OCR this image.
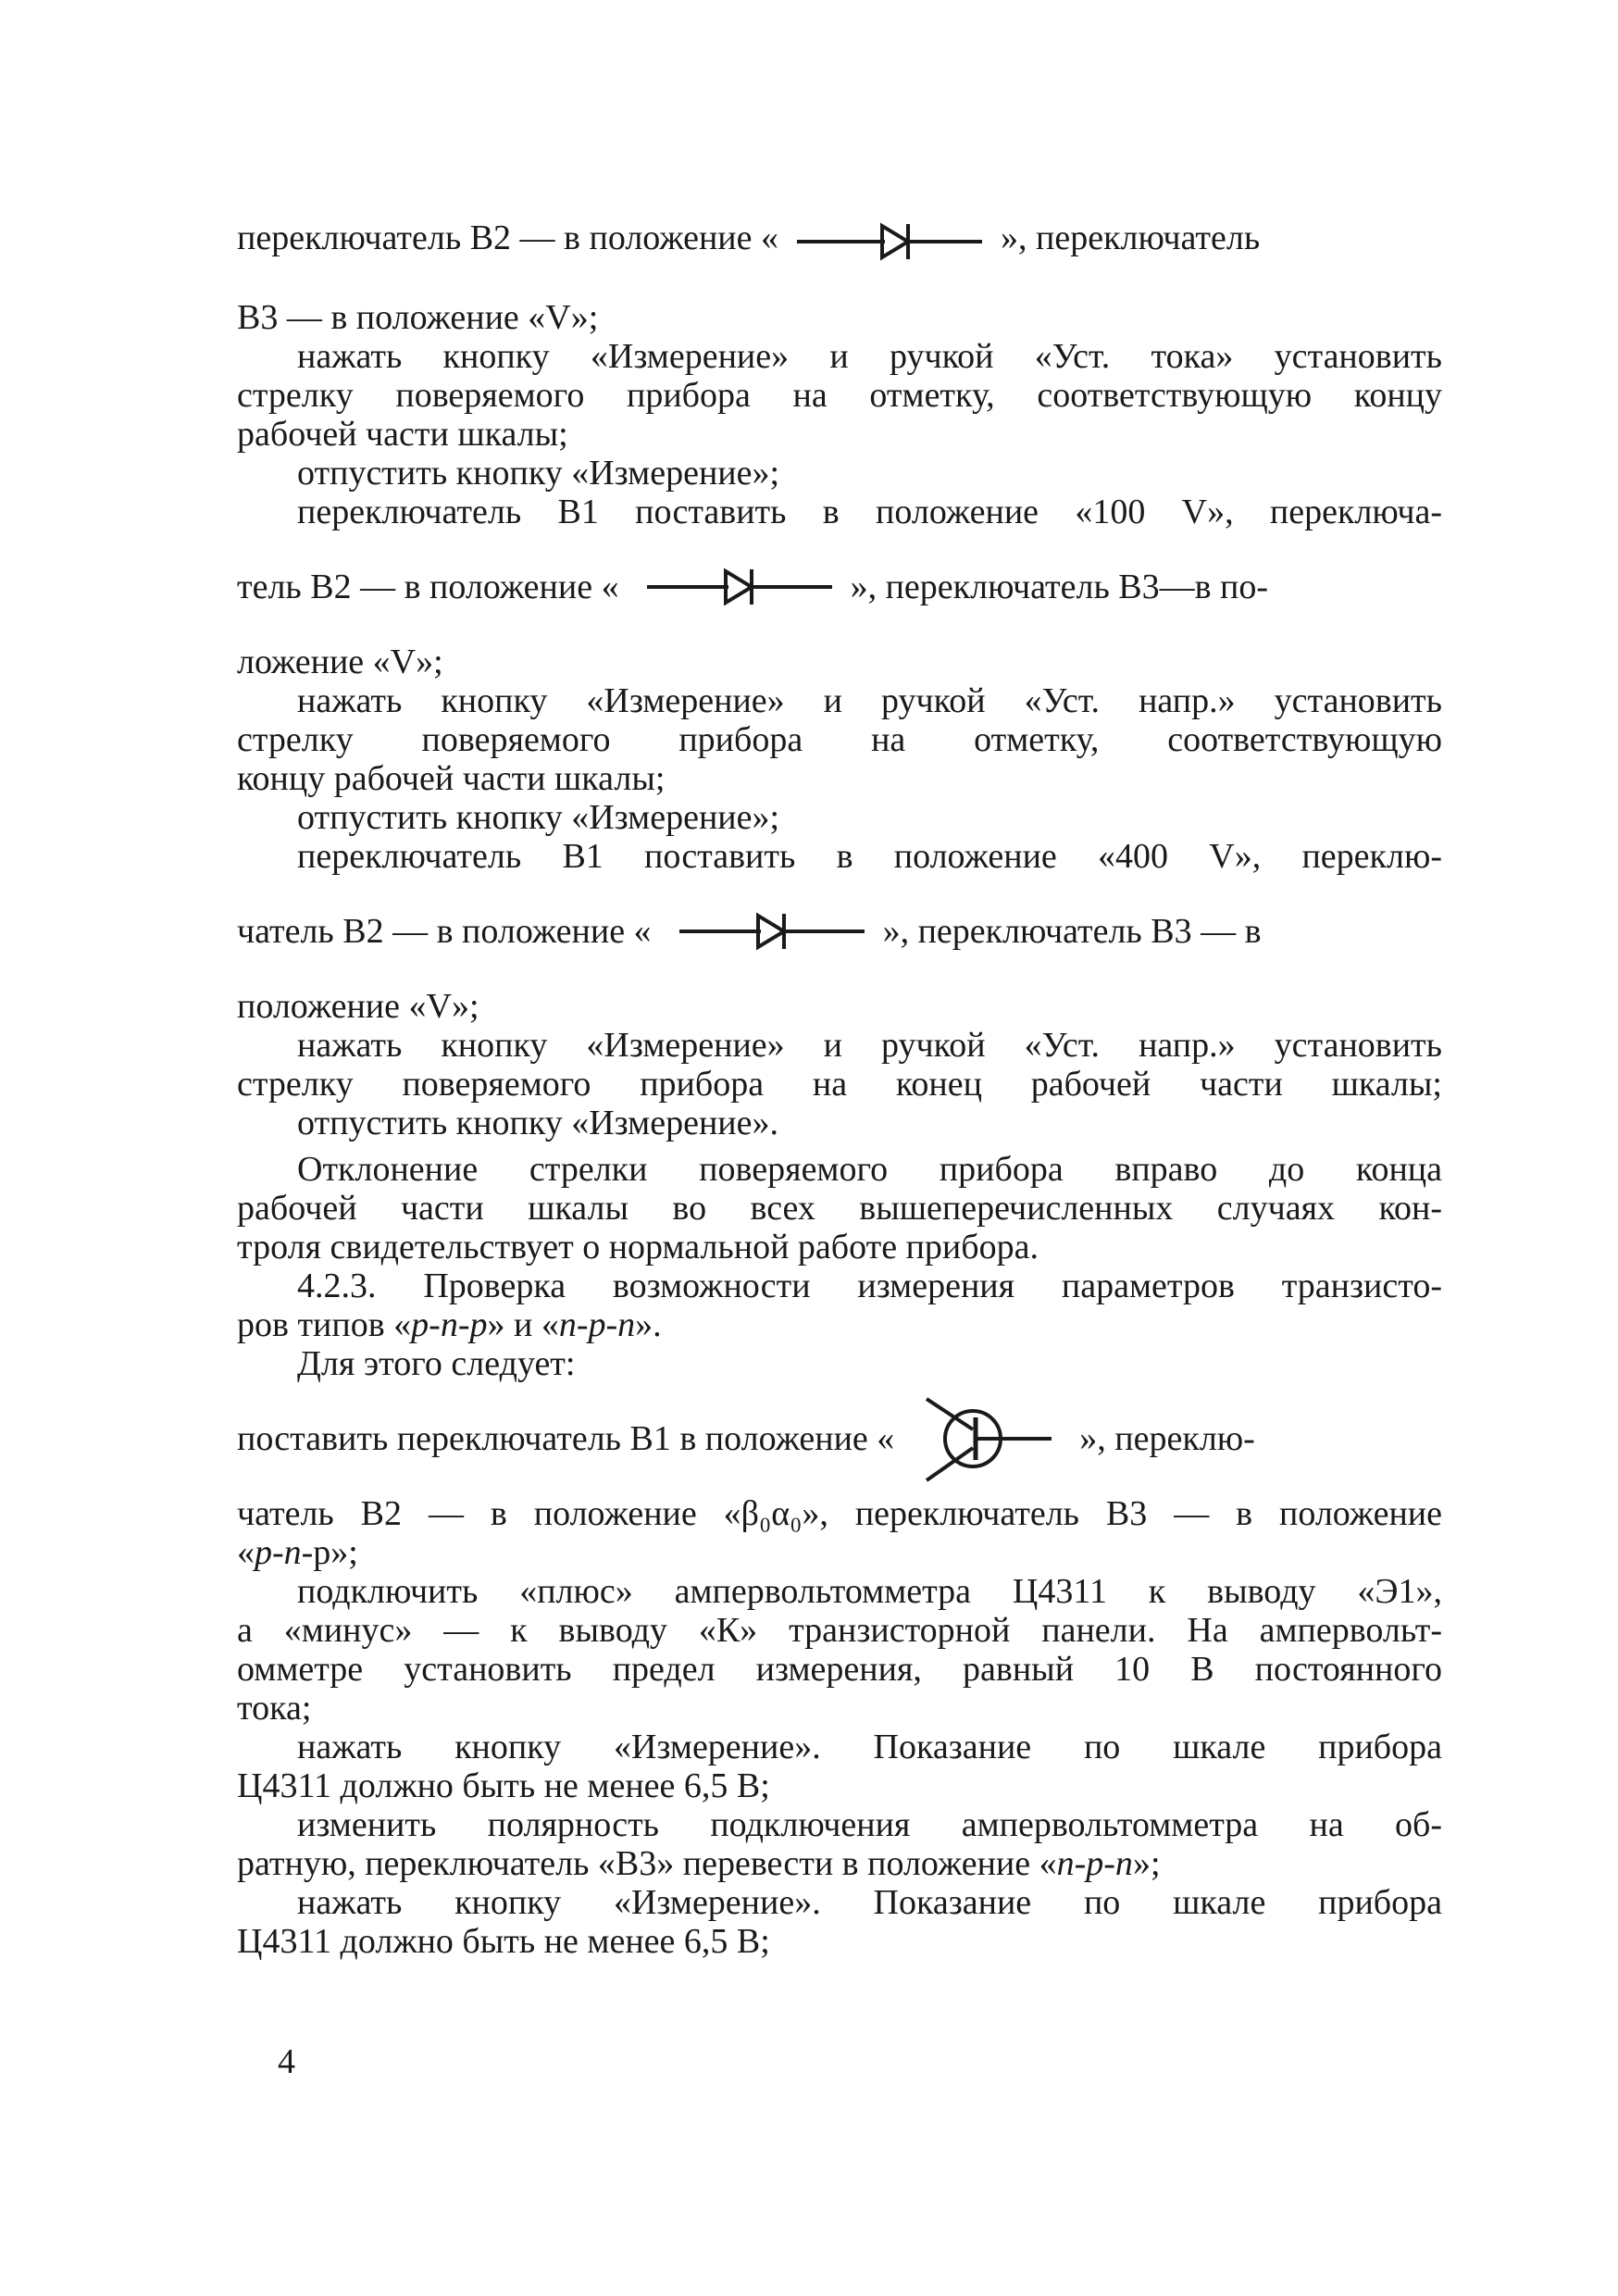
переключатель В2 — в положение «	», переключатель
В3 — в положение «V»;
нажать кнопку «Измерение» и ручкой «Уст. тока» установить
стрелку поверяемого прибора на отметку, соответствующую концу
рабочей части шкалы;
отпустить кнопку «Измерение»;
переключатель В1 поставить в положение «100 V», переключа-
тель В2 — в положение «	», переключатель В3—в по-
ложение «V»;
нажать кнопку «Измерение» и ручкой «Уст. напр.» установить
стрелку поверяемого прибора на отметку, соответствующую
концу рабочей части шкалы;
отпустить кнопку «Измерение»;
переключатель В1 поставить в положение «400 V», переклю-
чатель В2 — в положение «	», переключатель В3 — в
положение «V»;
нажать кнопку «Измерение» и ручкой «Уст. напр.» установить
стрелку поверяемого прибора на конец рабочей части шкалы;
отпустить кнопку «Измерение».
Отклонение стрелки поверяемого прибора вправо до конца
рабочей части шкалы во всех вышеперечисленных случаях кон-
троля свидетельствует о нормальной работе прибора.
4.2.3. Проверка возможности измерения параметров транзисто-
ров типов «p-n-p» и «n-p-n».
Для этого следует:
поставить переключатель В1 в положение «	», переклю-
чатель В2 — в положение «β₀α₀», переключатель В3 — в положение
«p-n-р»;
подключить «плюс» ампервольтомметра Ц4311 к выводу «Э1»,
а «минус» — к выводу «К» транзисторной панели. На ампервольт-
омметре установить предел измерения, равный 10 В постоянного
тока;
нажать кнопку «Измерение». Показание по шкале прибора
Ц4311 должно быть не менее 6,5 В;
изменить полярность подключения ампервольтомметра на об-
ратную, переключатель «В3» перевести в положение «n-p-n»;
нажать кнопку «Измерение». Показание по шкале прибора
Ц4311 должно быть не менее 6,5 В;
4
